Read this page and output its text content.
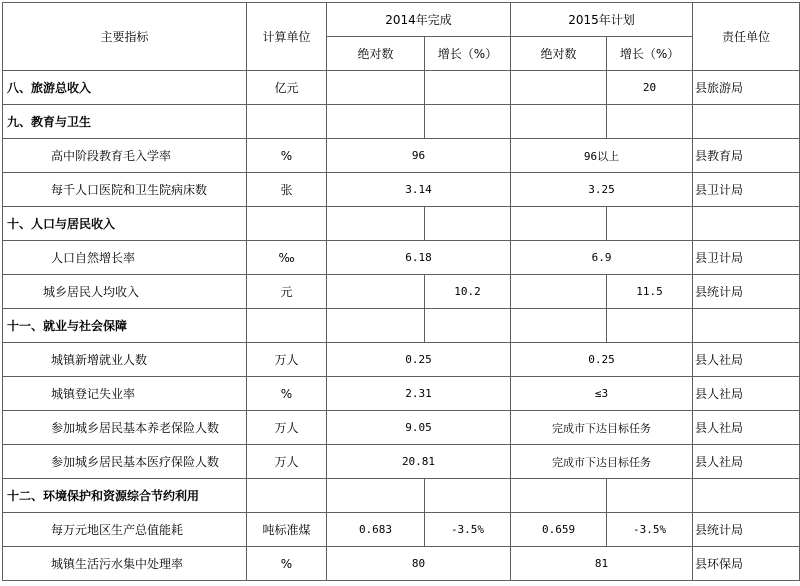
主要指标	计算单位	2014年完成		2015年计划		责任单位
		绝对数	增长（%）	绝对数	增长（%）	
八、旅游总收入	亿元				20	县旅游局
九、教育与卫生						
高中阶段教育毛入学率	%	96		96以上		县教育局
每千人口医院和卫生院病床数	张	3.14		3.25		县卫计局
十、人口与居民收入						
人口自然增长率	‰	6.18		6.9		县卫计局
城乡居民人均收入	元		10.2		11.5	县统计局
十一、就业与社会保障						
城镇新增就业人数	万人	0.25		0.25		县人社局
城镇登记失业率	%	2.31		≤3		县人社局
参加城乡居民基本养老保险人数	万人	9.05		完成市下达目标任务		县人社局
参加城乡居民基本医疗保险人数	万人	20.81		完成市下达目标任务		县人社局
十二、环境保护和资源综合节约利用						
每万元地区生产总值能耗	吨标准煤	0.683	-3.5%	0.659	-3.5%	县统计局
城镇生活污水集中处理率	%	80		81		县环保局
